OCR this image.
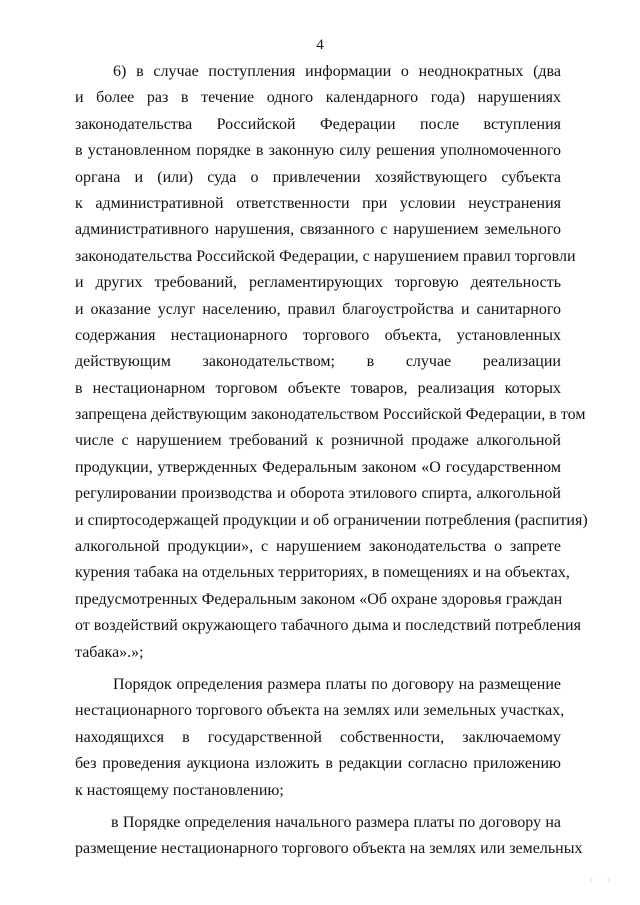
4
6) в случае поступления информации о неоднократных (два
и более раз в течение одного календарного года) нарушениях
законодательства Российской Федерации после вступления
в установленном порядке в законную силу решения уполномоченного
органа и (или) суда о привлечении хозяйствующего субъекта
к административной ответственности при условии неустранения
административного нарушения, связанного с нарушением земельного
законодательства Российской Федерации, с нарушением правил торговли
и других требований, регламентирующих торговую деятельность
и оказание услуг населению, правил благоустройства и санитарного
содержания нестационарного торгового объекта, установленных
действующим законодательством; в случае реализации
в нестационарном торговом объекте товаров, реализация которых
запрещена действующим законодательством Российской Федерации, в том
числе с нарушением требований к розничной продаже алкогольной
продукции, утвержденных Федеральным законом «О государственном
регулировании производства и оборота этилового спирта, алкогольной
и спиртосодержащей продукции и об ограничении потребления (распития)
алкогольной продукции», с нарушением законодательства о запрете
курения табака на отдельных территориях, в помещениях и на объектах,
предусмотренных Федеральным законом «Об охране здоровья граждан
от воздействий окружающего табачного дыма и последствий потребления
табака».»;
Порядок определения размера платы по договору на размещение
нестационарного торгового объекта на землях или земельных участках,
находящихся в государственной собственности, заключаемому
без проведения аукциона изложить в редакции согласно приложению
к настоящему постановлению;
в Порядке определения начального размера платы по договору на
размещение нестационарного торгового объекта на землях или земельных
· ˙ ·
